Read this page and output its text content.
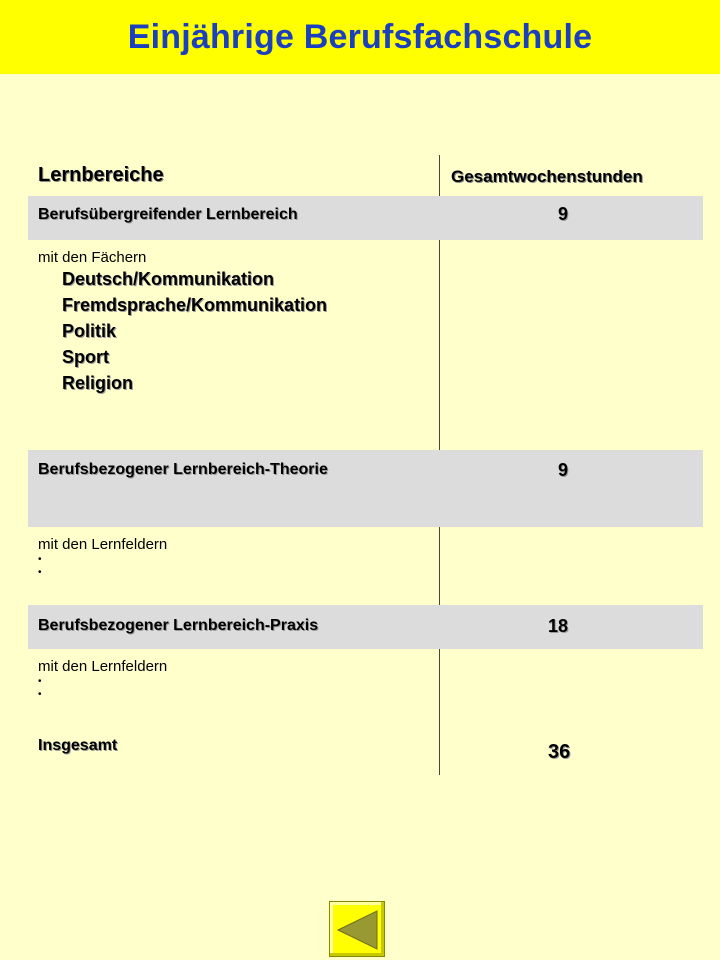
Einjährige Berufsfachschule
Lernbereiche	Gesamtwochenstunden
Berufsübergreifender Lernbereich	9
mit den Fächern
Deutsch/Kommunikation
Fremdsprache/Kommunikation
Politik
Sport
Religion
Berufsbezogener Lernbereich-Theorie	9
mit den Lernfeldern
•
•
Berufsbezogener Lernbereich-Praxis	18
mit den Lernfeldern
•
•
Insgesamt	36
